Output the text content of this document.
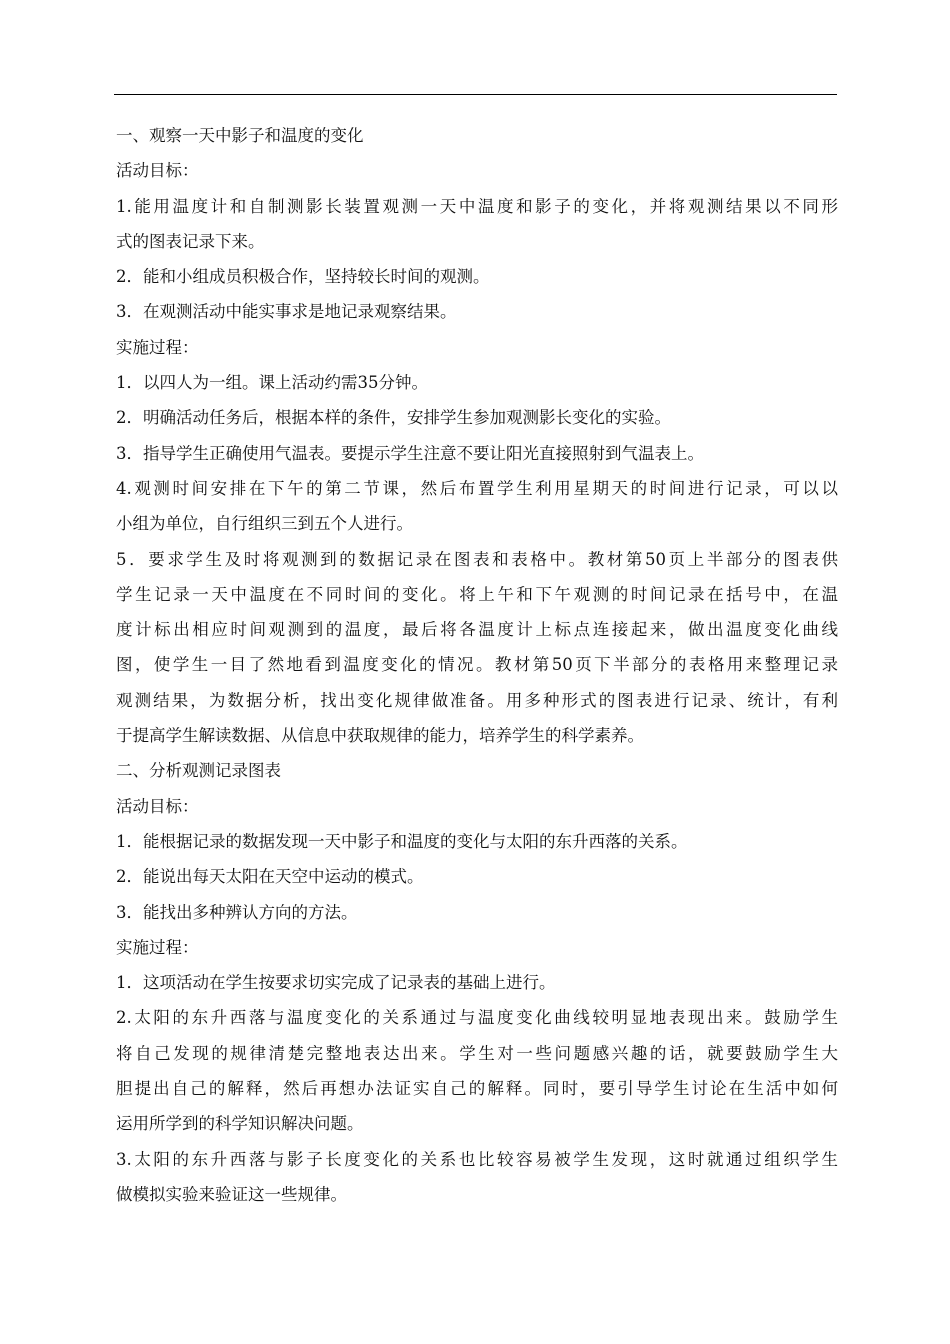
一、观察一天中影子和温度的变化
活动目标：
1.能用温度计和自制测影长装置观测一天中温度和影子的变化，并将观测结果以不同形
式的图表记录下来。
2．能和小组成员积极合作，坚持较长时间的观测。
3．在观测活动中能实事求是地记录观察结果。
实施过程：
1．以四人为一组。课上活动约需35分钟。
2．明确活动任务后，根据本样的条件，安排学生参加观测影长变化的实验。
3．指导学生正确使用气温表。要提示学生注意不要让阳光直接照射到气温表上。
4.观测时间安排在下午的第二节课，然后布置学生利用星期天的时间进行记录，可以以
小组为单位，自行组织三到五个人进行。
5．要求学生及时将观测到的数据记录在图表和表格中。教材第50页上半部分的图表供
学生记录一天中温度在不同时间的变化。将上午和下午观测的时间记录在括号中，在温
度计标出相应时间观测到的温度，最后将各温度计上标点连接起来，做出温度变化曲线
图，使学生一目了然地看到温度变化的情况。教材第50页下半部分的表格用来整理记录
观测结果，为数据分析，找出变化规律做准备。用多种形式的图表进行记录、统计，有利
于提高学生解读数据、从信息中获取规律的能力，培养学生的科学素养。
二、分析观测记录图表
活动目标：
1．能根据记录的数据发现一天中影子和温度的变化与太阳的东升西落的关系。
2．能说出每天太阳在天空中运动的模式。
3．能找出多种辨认方向的方法。
实施过程：
1．这项活动在学生按要求切实完成了记录表的基础上进行。
2.太阳的东升西落与温度变化的关系通过与温度变化曲线较明显地表现出来。鼓励学生
将自己发现的规律清楚完整地表达出来。学生对一些问题感兴趣的话，就要鼓励学生大
胆提出自己的解释，然后再想办法证实自己的解释。同时，要引导学生讨论在生活中如何
运用所学到的科学知识解决问题。
3.太阳的东升西落与影子长度变化的关系也比较容易被学生发现，这时就通过组织学生
做模拟实验来验证这一些规律。
